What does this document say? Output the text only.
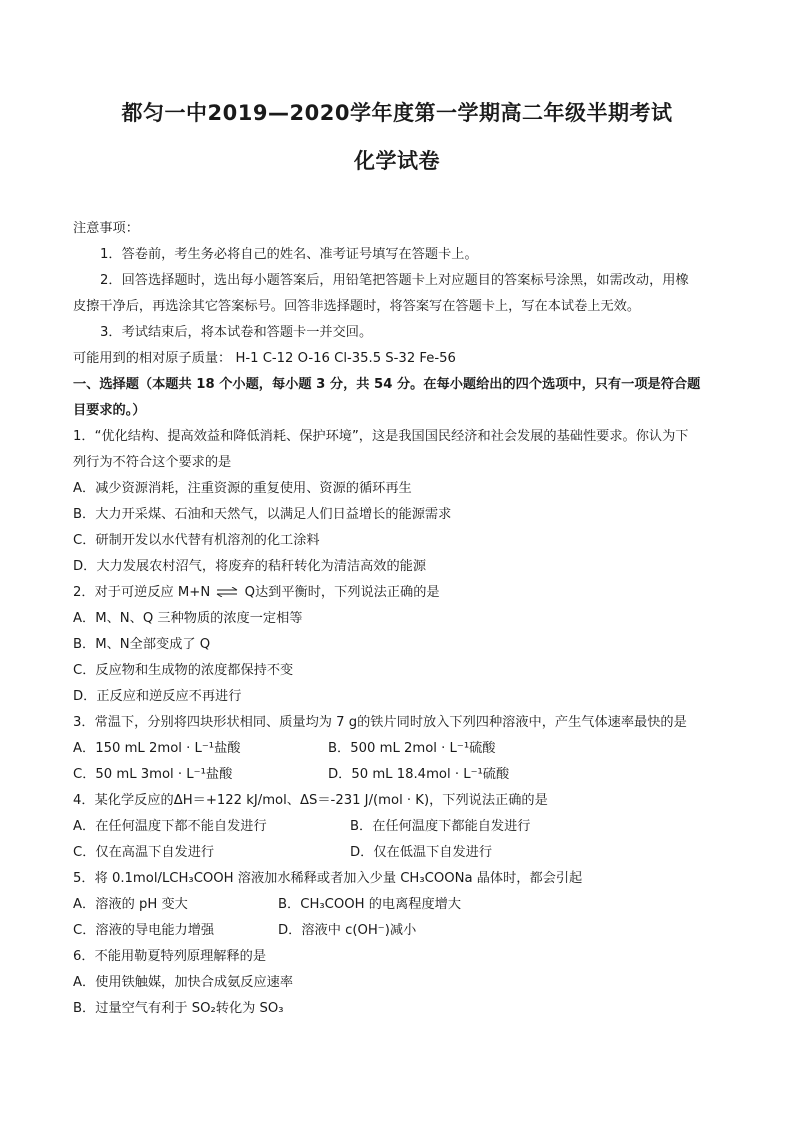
都匀一中2019—2020学年度第一学期高二年级半期考试
化学试卷
注意事项：
1．答卷前，考生务必将自己的姓名、准考证号填写在答题卡上。
2．回答选择题时，选出每小题答案后，用铅笔把答题卡上对应题目的答案标号涂黑，如需改动，用橡
皮擦干净后，再选涂其它答案标号。回答非选择题时，将答案写在答题卡上，写在本试卷上无效。
3．考试结束后，将本试卷和答题卡一并交回。
可能用到的相对原子质量： H-1 C-12 O-16 Cl-35.5 S-32 Fe-56
一、选择题（本题共 18 个小题，每小题 3 分，共 54 分。在每小题给出的四个选项中，只有一项是符合题
目要求的。）
1．“优化结构、提高效益和降低消耗、保护环境”，这是我国国民经济和社会发展的基础性要求。你认为下
列行为不符合这个要求的是
A．减少资源消耗，注重资源的重复使用、资源的循环再生
B．大力开采煤、石油和天然气，以满足人们日益增长的能源需求
C．研制开发以水代替有机溶剂的化工涂料
D．大力发展农村沼气，将废弃的秸秆转化为清洁高效的能源
2．对于可逆反应 M+N ⇌ Q达到平衡时，下列说法正确的是
A．M、N、Q 三种物质的浓度一定相等
B．M、N全部变成了 Q
C．反应物和生成物的浓度都保持不变
D．正反应和逆反应不再进行
3．常温下，分别将四块形状相同、质量均为 7 g的铁片同时放入下列四种溶液中，产生气体速率最快的是
A．150 mL 2mol · L⁻¹盐酸	B．500 mL 2mol · L⁻¹硫酸
C．50 mL 3mol · L⁻¹盐酸	D．50 mL 18.4mol · L⁻¹硫酸
4．某化学反应的ΔH＝+122 kJ/mol、ΔS＝-231 J/(mol · K)，下列说法正确的是
A．在任何温度下都不能自发进行	B．在任何温度下都能自发进行
C．仅在高温下自发进行	D．仅在低温下自发进行
5．将 0.1mol/LCH₃COOH 溶液加水稀释或者加入少量 CH₃COONa 晶体时，都会引起
A．溶液的 pH 变大	B．CH₃COOH 的电离程度增大
C．溶液的导电能力增强	D．溶液中 c(OH⁻)减小
6．不能用勒夏特列原理解释的是
A．使用铁触媒，加快合成氨反应速率
B．过量空气有利于 SO₂转化为 SO₃
